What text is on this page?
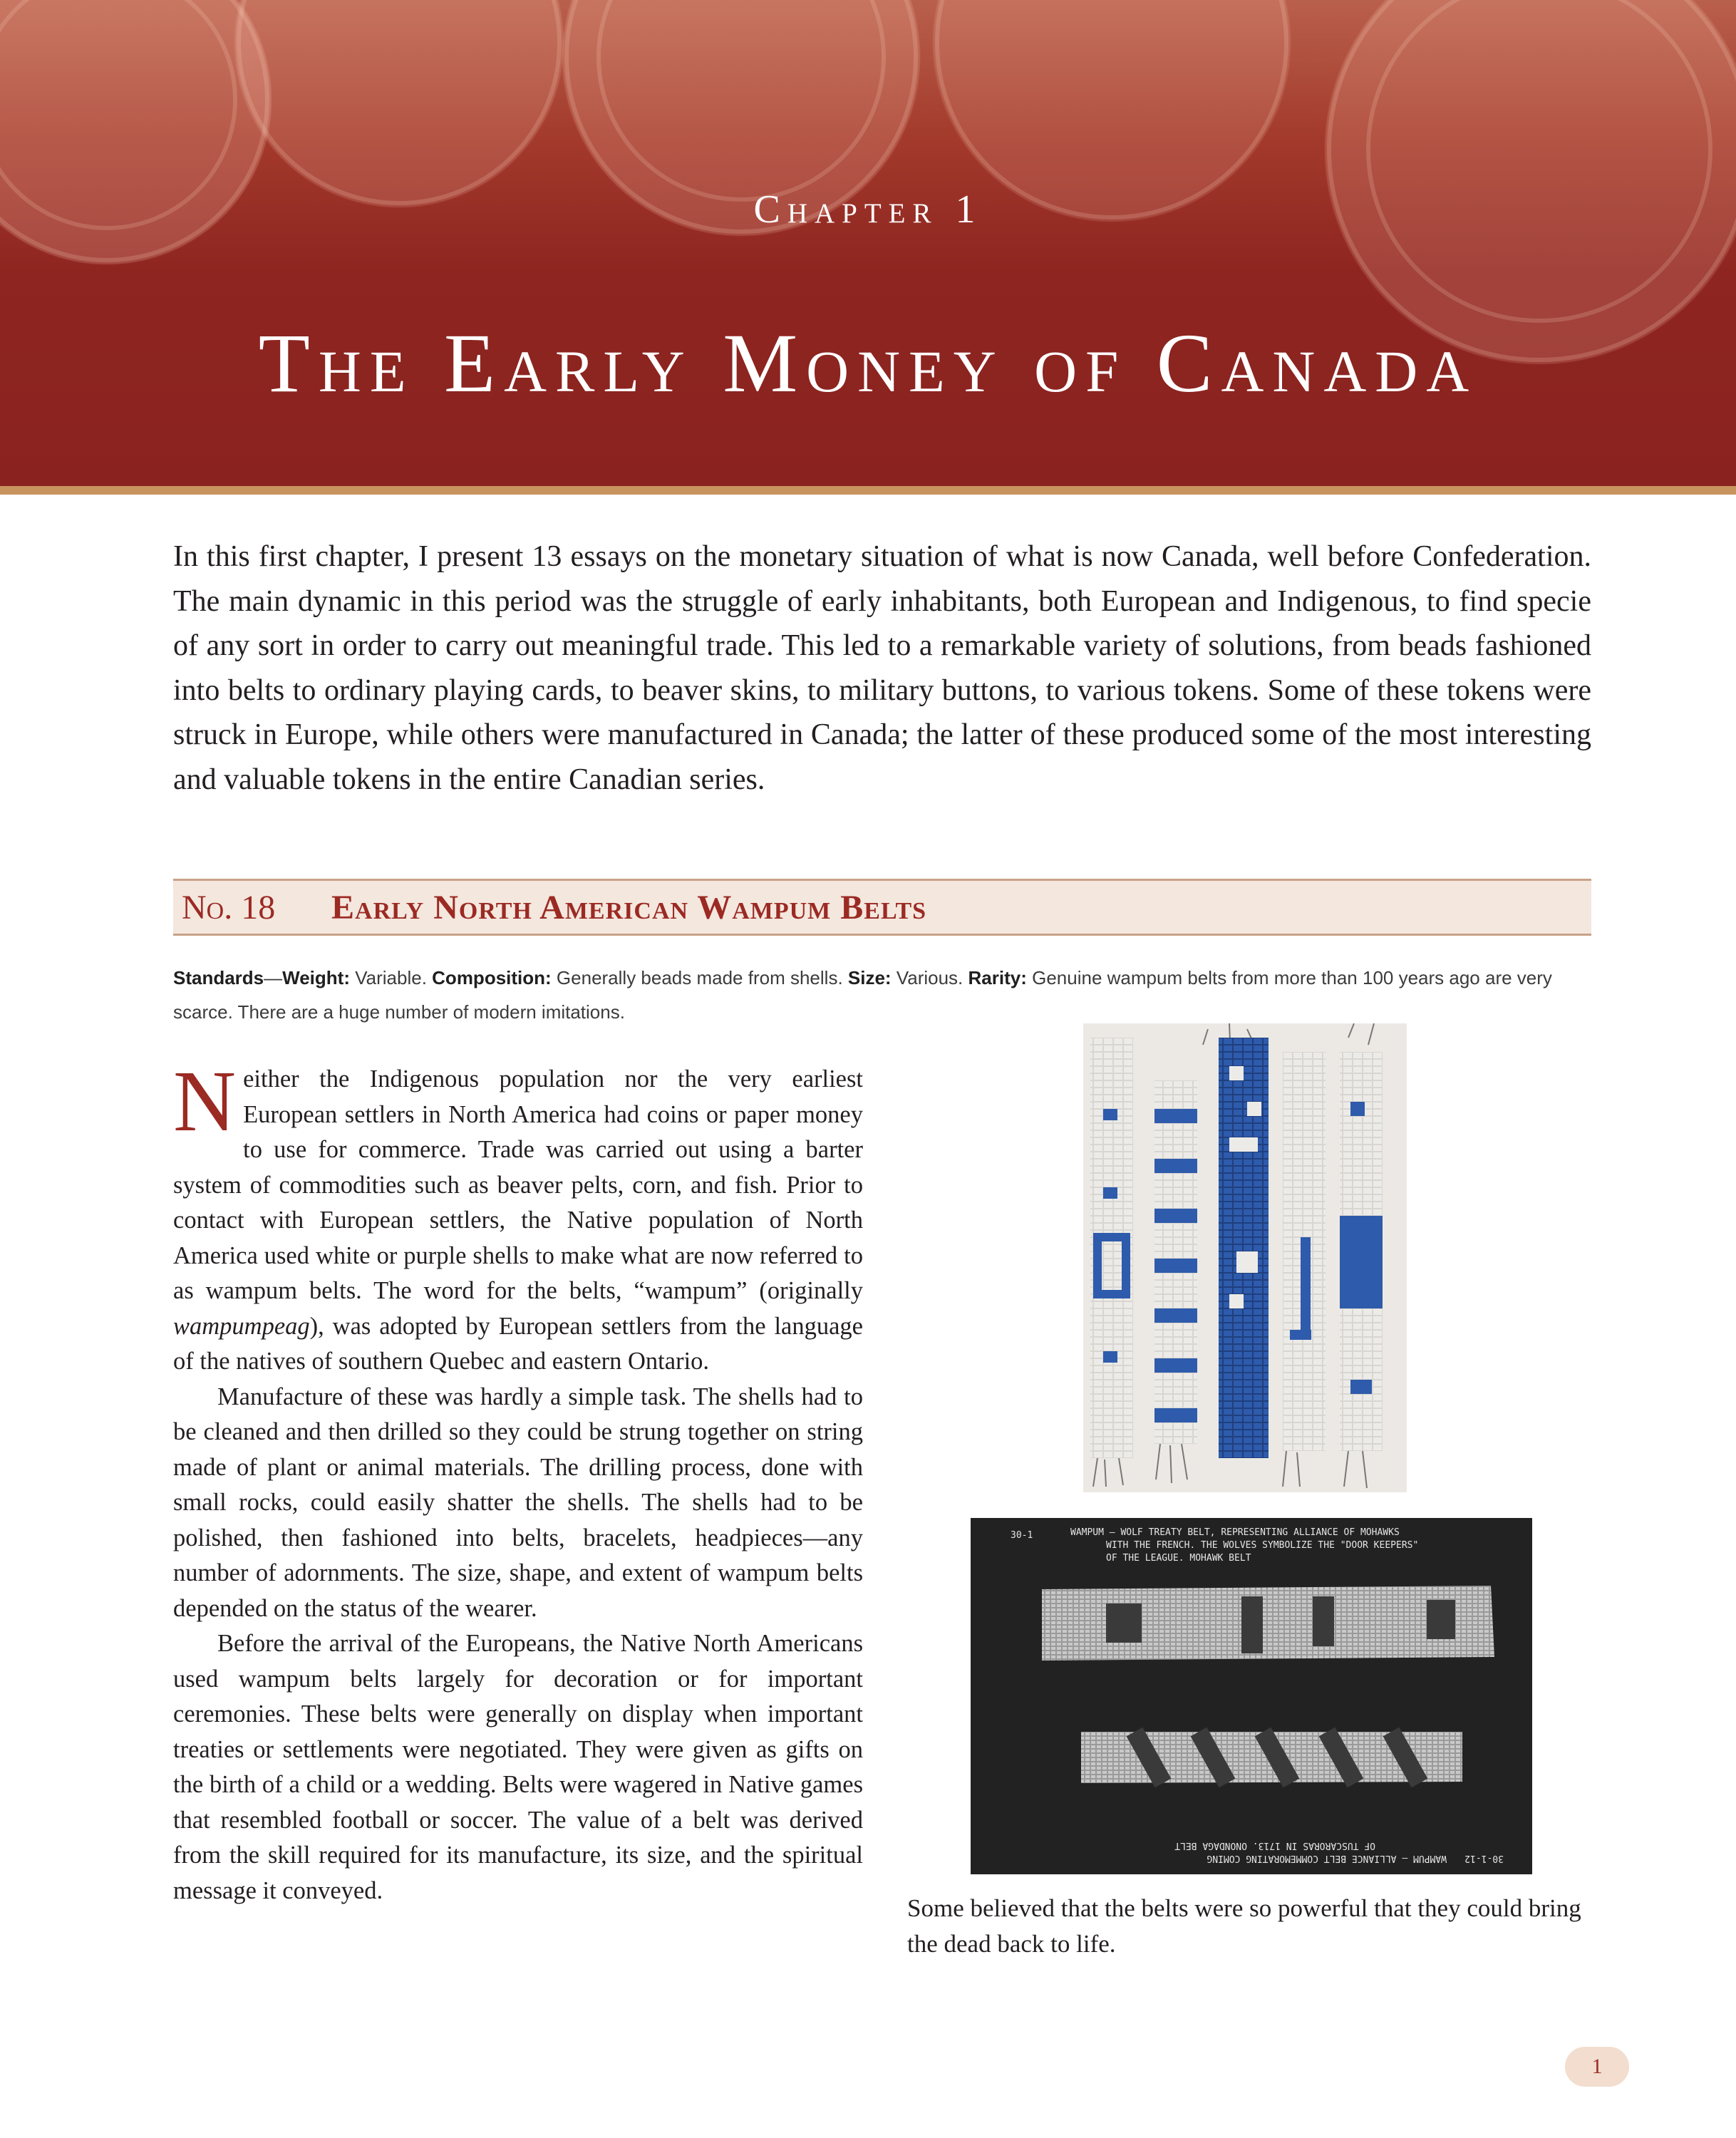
Chapter 1
The Early Money of Canada

In this first chapter, I present 13 essays on the monetary situation of what is now Canada, well before Confederation. The main dynamic in this period was the struggle of early inhabitants, both European and Indigenous, to find specie of any sort in order to carry out meaningful trade. This led to a remarkable variety of solutions, from beads fashioned into belts to ordinary playing cards, to beaver skins, to military buttons, to various tokens. Some of these tokens were struck in Europe, while others were manufactured in Canada; the latter of these produced some of the most interesting and valuable tokens in the entire Canadian series.

No. 18 Early North American Wampum Belts

Standards—Weight: Variable. Composition: Generally beads made from shells. Size: Various. Rarity: Genuine wampum belts from more than 100 years ago are very scarce. There are a huge number of modern imitations.

Neither the Indigenous population nor the very earliest European settlers in North America had coins or paper money to use for commerce. Trade was carried out using a barter system of commodities such as beaver pelts, corn, and fish. Prior to contact with European settlers, the Native population of North America used white or purple shells to make what are now referred to as wampum belts. The word for the belts, “wampum” (originally wampumpeag), was adopted by European settlers from the language of the natives of southern Quebec and eastern Ontario.

Manufacture of these was hardly a simple task. The shells had to be cleaned and then drilled so they could be strung together on string made of plant or animal materials. The drilling process, done with small rocks, could easily shatter the shells. The shells had to be polished, then fashioned into belts, bracelets, headpieces—any number of adornments. The size, shape, and extent of wampum belts depended on the status of the wearer.

Before the arrival of the Europeans, the Native North Americans used wampum belts largely for decoration or for important ceremonies. These belts were generally on display when important treaties or settlements were negotiated. They were given as gifts on the birth of a child or a wedding. Belts were wagered in Native games that resembled football or soccer. The value of a belt was derived from the skill required for its manufacture, its size, and the spiritual message it conveyed.

WAMPUM – WOLF TREATY BELT, REPRESENTING ALLIANCE OF MOHAWKS
WITH THE FRENCH. THE WOLVES SYMBOLIZE THE "DOOR KEEPERS"
OF THE LEAGUE. MOHAWK BELT
30-1
WAMPUM – ALLIANCE BELT COMMEMORATING COMING
OF TUSCARORAS IN 1713. ONONDAGA BELT
30-1-12

Some believed that the belts were so powerful that they could bring the dead back to life.

1
